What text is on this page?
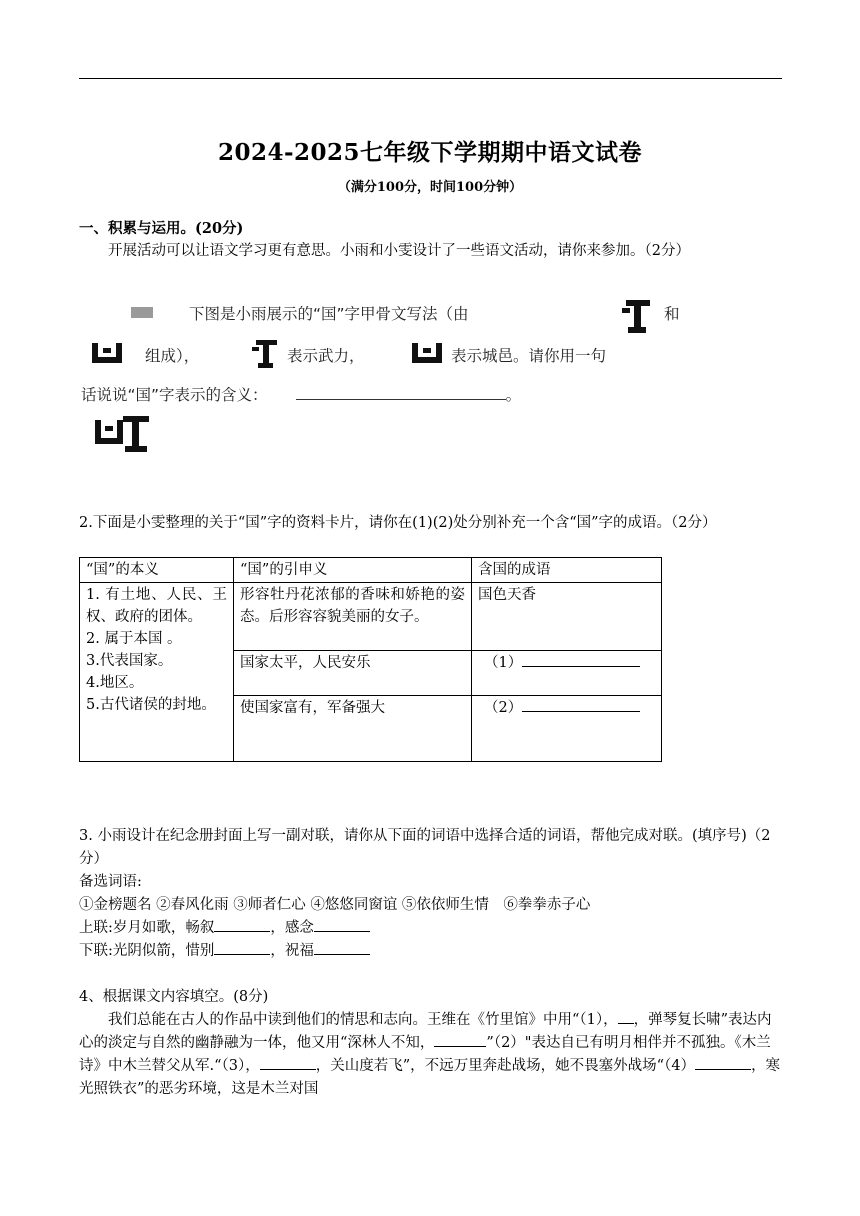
2024-2025七年级下学期期中语文试卷
（满分100分，时间100分钟）
一、积累与运用。(20分)
开展活动可以让语文学习更有意思。小雨和小雯设计了一些语文活动，请你来参加。（2分）
下图是小雨展示的“国”字甲骨文写法（由	和
组成），	表示武力，	表示城邑。请你用一句
话说说“国”字表示的含义：	。
2.下面是小雯整理的关于“国”字的资料卡片，请你在(1)(2)处分别补充一个含“国”字的成语。（2分）
“国”的本义	“国”的引申义	含国的成语
1. 有土地、人民、王权、政府的团体。
2. 属于本国 。
3.代表国家。
4.地区。
5.古代诸侯的封地。	形容牡丹花浓郁的香味和娇艳的姿态。后形容容貌美丽的女子。	国色天香
	国家太平，人民安乐	（1）
	使国家富有，军备强大	（2）
3. 小雨设计在纪念册封面上写一副对联，请你从下面的词语中选择合适的词语，帮他完成对联。(填序号)（2分）
备选词语:
①金榜题名 ②春风化雨 ③师者仁心 ④悠悠同窗谊 ⑤依依师生情　⑥拳拳赤子心
上联:岁月如歌，畅叙	，感念
下联:光阴似箭，惜别	，祝福
4、根据课文内容填空。(8分)
我们总能在古人的作品中读到他们的情思和志向。王维在《竹里馆》中用“（1）， ，弹琴复长啸”表达内心的淡定与自然的幽静融为一体，他又用“深林人不知，	”（2）"表达自已有明月相伴并不孤独。《木兰诗》中木兰替父从军.“（3），	，关山度若飞”，不远万里奔赴战场，她不畏塞外战场“（4）	，寒光照铁衣”的恶劣环境，这是木兰对国
